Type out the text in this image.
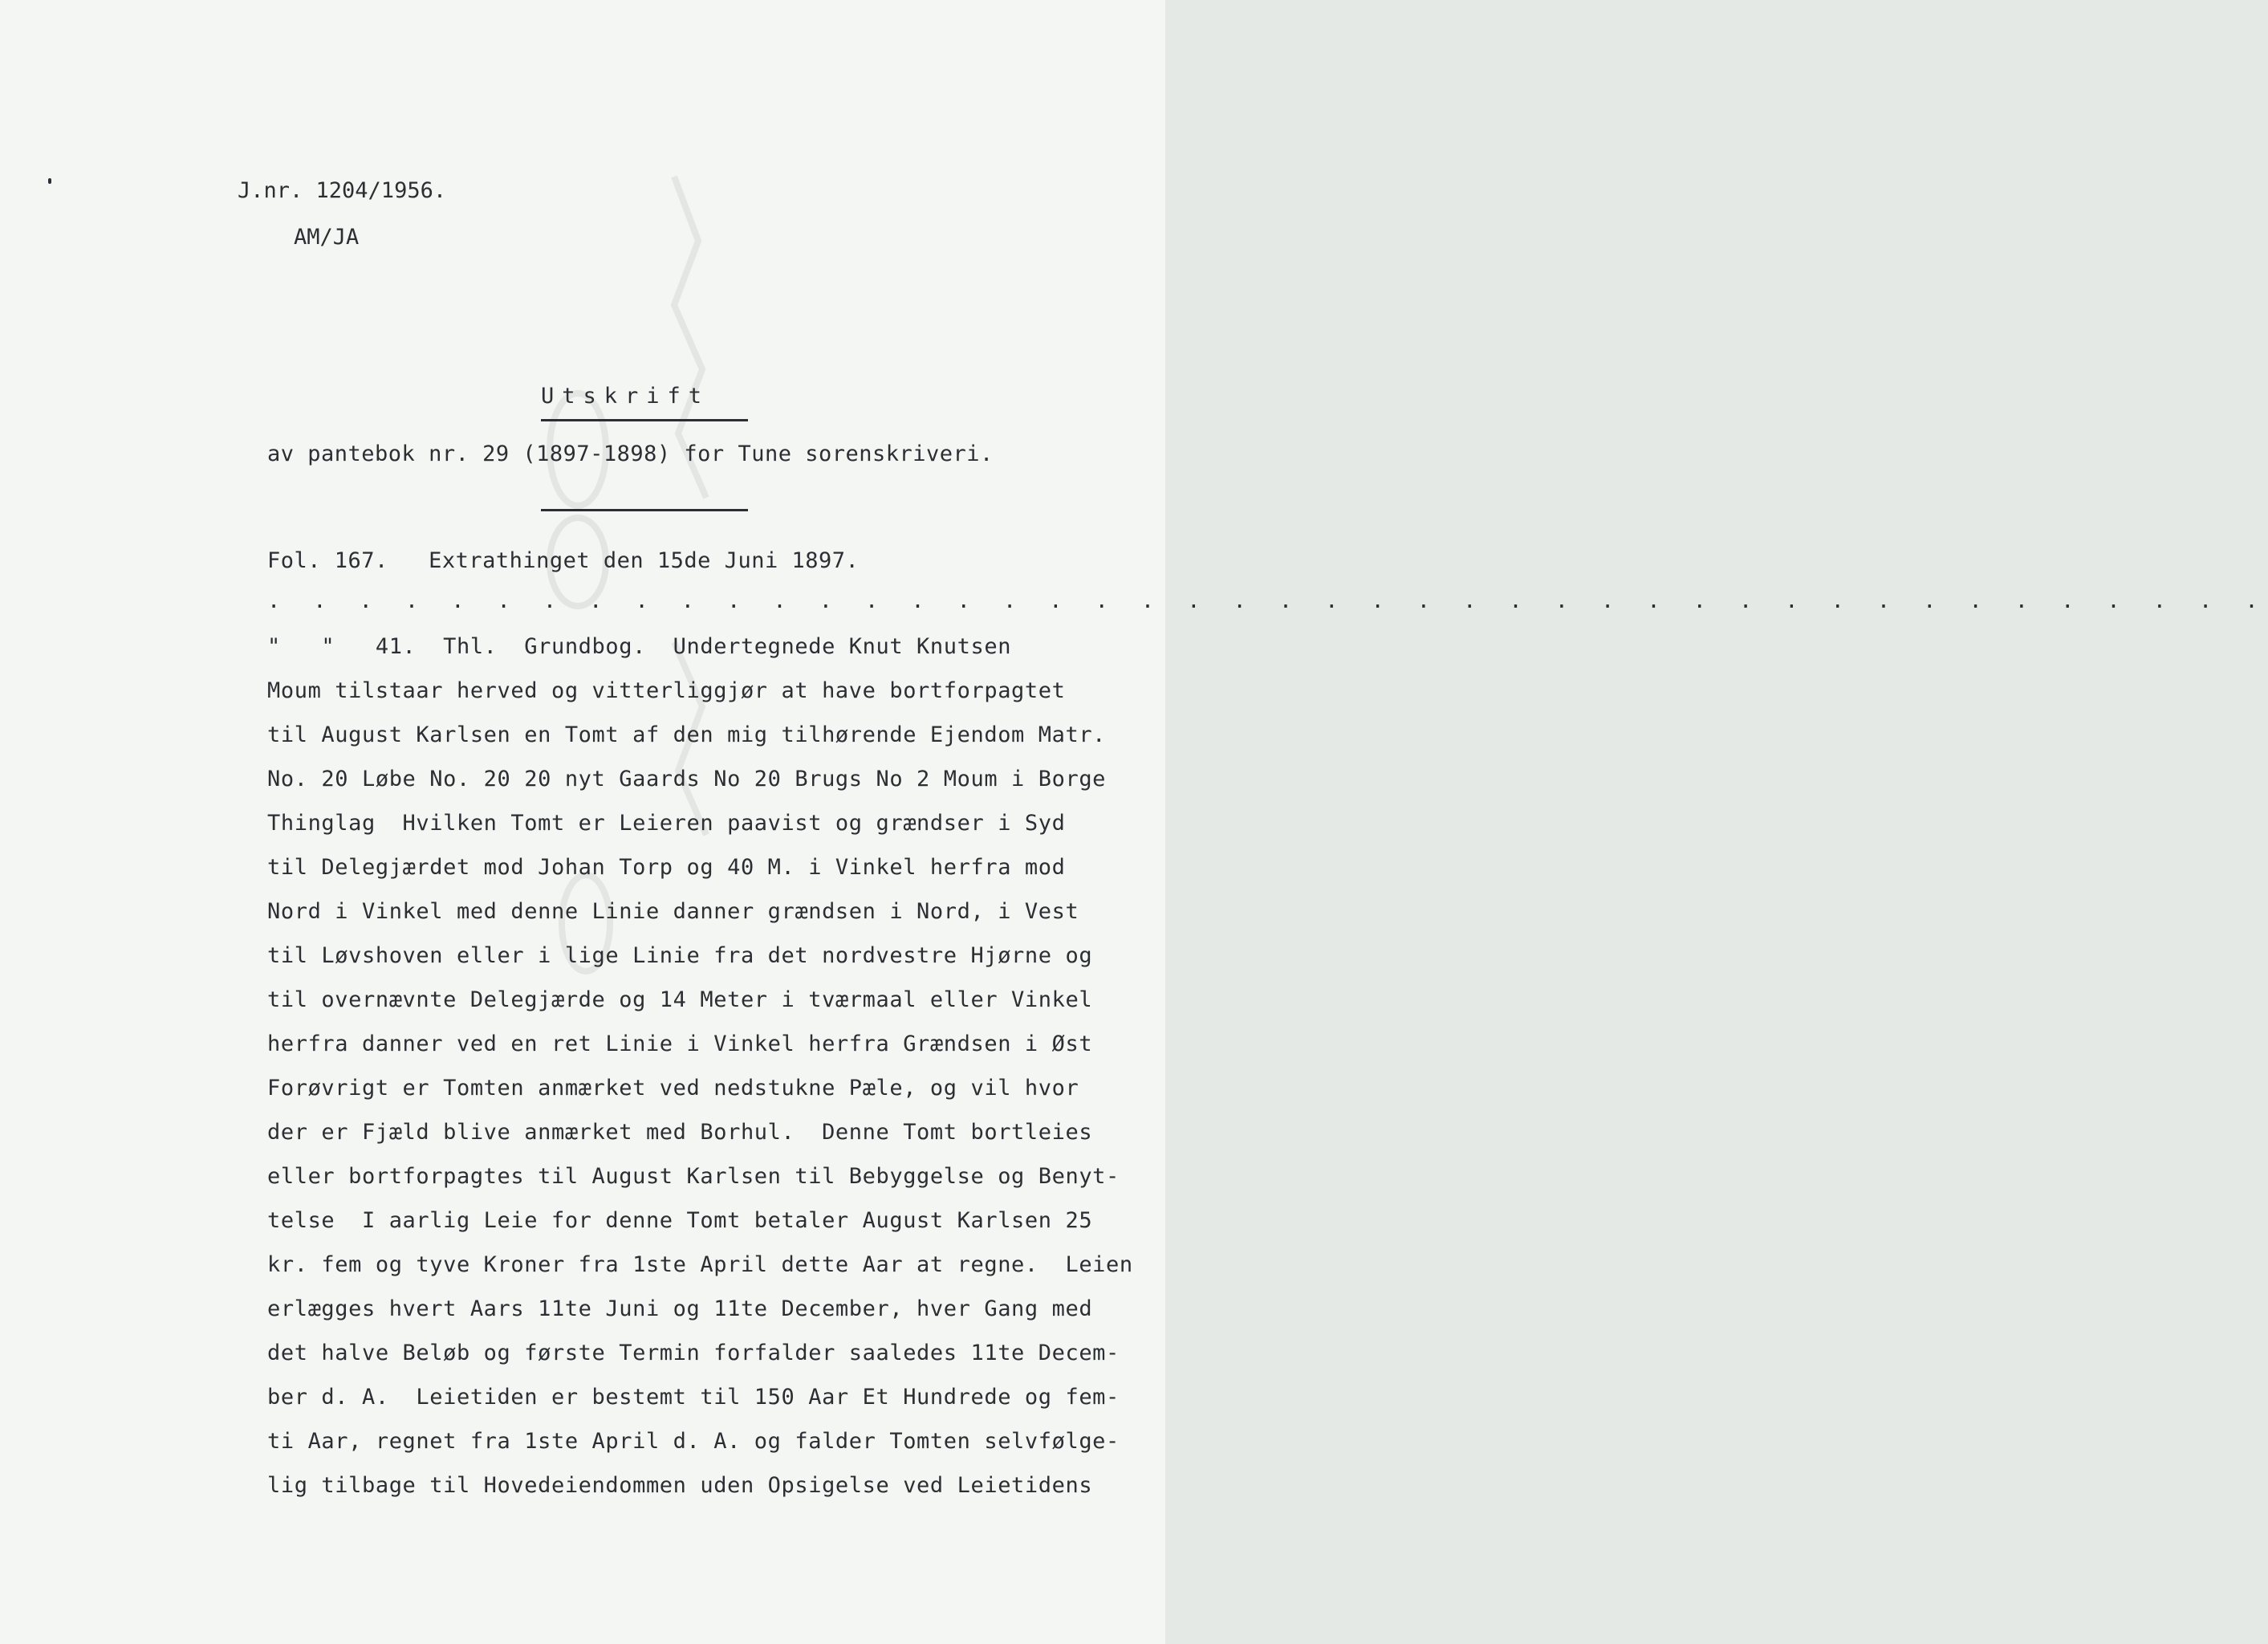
J.nr. 1204/1956.
AM/JA
Utskrift
av pantebok nr. 29 (1897-1898) for Tune sorenskriveri.
Fol. 167.   Extrathinget den 15de Juni 1897.
. . . . . . . . . . . . . . . . . . . . . . . . . . . . . . . . . . . . . . . . . . . .
"   "   41.  Thl.  Grundbog.  Undertegnede Knut Knutsen
Moum tilstaar herved og vitterliggjør at have bortforpagtet
til August Karlsen en Tomt af den mig tilhørende Ejendom Matr.
No. 20 Løbe No. 20 20 nyt Gaards No 20 Brugs No 2 Moum i Borge
Thinglag  Hvilken Tomt er Leieren paavist og grændser i Syd
til Delegjærdet mod Johan Torp og 40 M. i Vinkel herfra mod
Nord i Vinkel med denne Linie danner grændsen i Nord, i Vest
til Løvshoven eller i lige Linie fra det nordvestre Hjørne og
til overnævnte Delegjærde og 14 Meter i tværmaal eller Vinkel
herfra danner ved en ret Linie i Vinkel herfra Grændsen i Øst
Forøvrigt er Tomten anmærket ved nedstukne Pæle, og vil hvor
der er Fjæld blive anmærket med Borhul.  Denne Tomt bortleies
eller bortforpagtes til August Karlsen til Bebyggelse og Benyt-
telse  I aarlig Leie for denne Tomt betaler August Karlsen 25
kr. fem og tyve Kroner fra 1ste April dette Aar at regne.  Leien
erlægges hvert Aars 11te Juni og 11te December, hver Gang med
det halve Beløb og første Termin forfalder saaledes 11te Decem-
ber d. A.  Leietiden er bestemt til 150 Aar Et Hundrede og fem-
ti Aar, regnet fra 1ste April d. A. og falder Tomten selvfølge-
lig tilbage til Hovedeiendommen uden Opsigelse ved Leietidens
